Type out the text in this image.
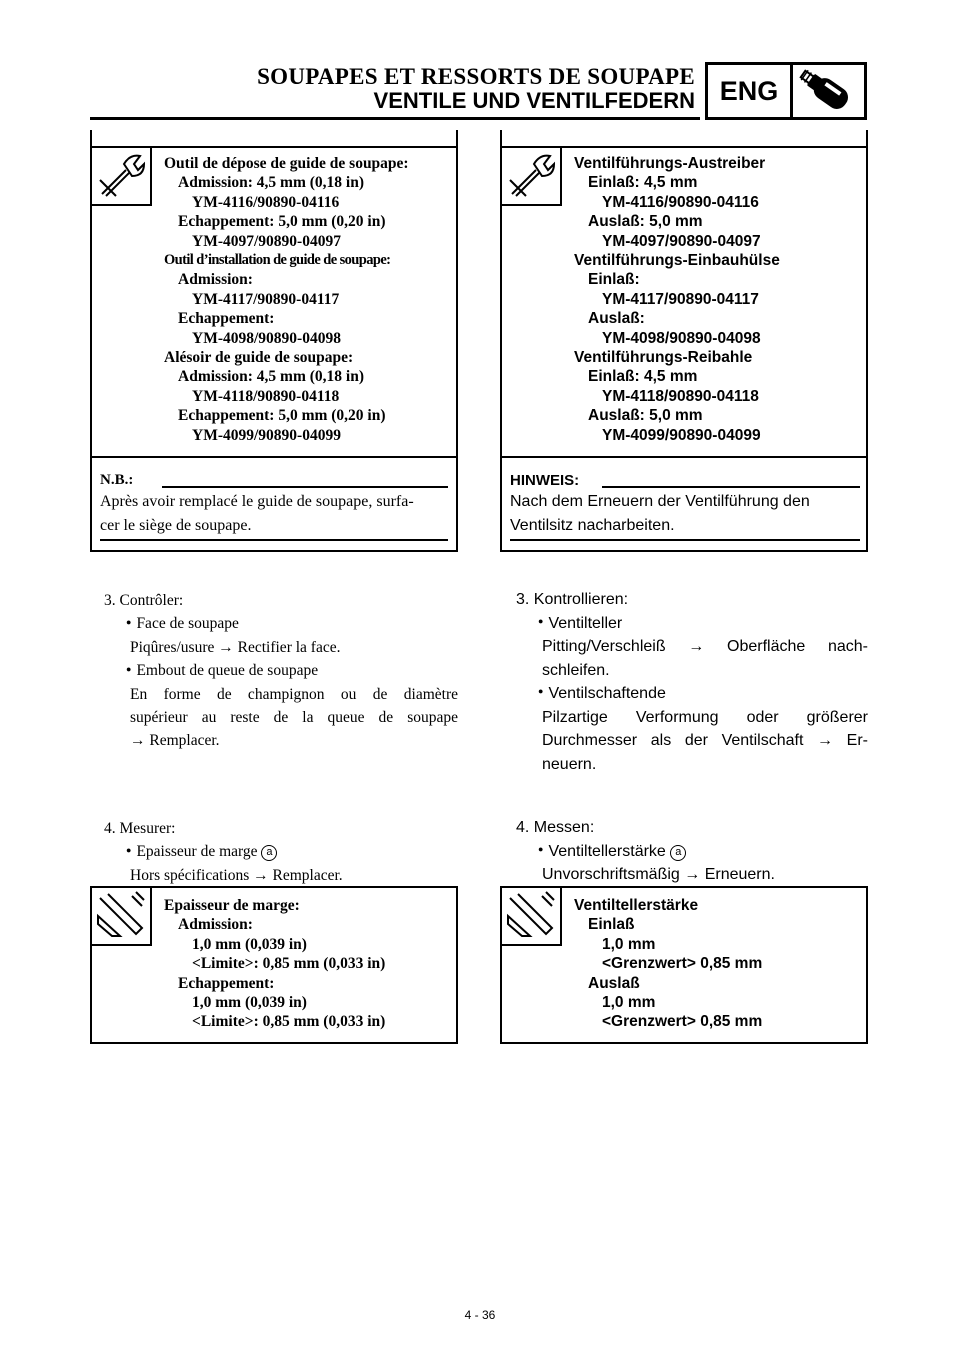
SOUPAPES ET RESSORTS DE SOUPAPE
VENTILE UND VENTILFEDERN ENG
Outil de dépose de guide de soupape:
Admission: 4,5 mm (0,18 in)
YM-4116/90890-04116
Echappement: 5,0 mm (0,20 in)
YM-4097/90890-04097
Outil d’installation de guide de soupape:
Admission:
YM-4117/90890-04117
Echappement:
YM-4098/90890-04098
Alésoir de guide de soupape:
Admission: 4,5 mm (0,18 in)
YM-4118/90890-04118
Echappement: 5,0 mm (0,20 in)
YM-4099/90890-04099
N.B.:
Après avoir remplacé le guide de soupape, surfa-
cer le siège de soupape.
Ventilführungs-Austreiber
Einlaß: 4,5 mm
YM-4116/90890-04116
Auslaß: 5,0 mm
YM-4097/90890-04097
Ventilführungs-Einbauhülse
Einlaß:
YM-4117/90890-04117
Auslaß:
YM-4098/90890-04098
Ventilführungs-Reibahle
Einlaß: 4,5 mm
YM-4118/90890-04118
Auslaß: 5,0 mm
YM-4099/90890-04099
HINWEIS:
Nach dem Erneuern der Ventilführung den
Ventilsitz nacharbeiten.
3. Contrôler:
● Face de soupape
Piqûres/usure → Rectifier la face.
● Embout de queue de soupape
En forme de champignon ou de diamètre
supérieur au reste de la queue de soupape
→ Remplacer.
3. Kontrollieren:
● Ventilteller
Pitting/Verschleiß → Oberfläche nach-
schleifen.
● Ventilschaftende
Pilzartige Verformung oder größerer
Durchmesser als der Ventilschaft → Er-
neuern.
4. Mesurer:
● Epaisseur de marge a
Hors spécifications → Remplacer.
4. Messen:
● Ventiltellerstärke a
Unvorschriftsmäßig → Erneuern.
Epaisseur de marge:
Admission:
1,0 mm (0,039 in)
<Limite>: 0,85 mm (0,033 in)
Echappement:
1,0 mm (0,039 in)
<Limite>: 0,85 mm (0,033 in)
Ventiltellerstärke
Einlaß
1,0 mm
<Grenzwert> 0,85 mm
Auslaß
1,0 mm
<Grenzwert> 0,85 mm
4 - 36
